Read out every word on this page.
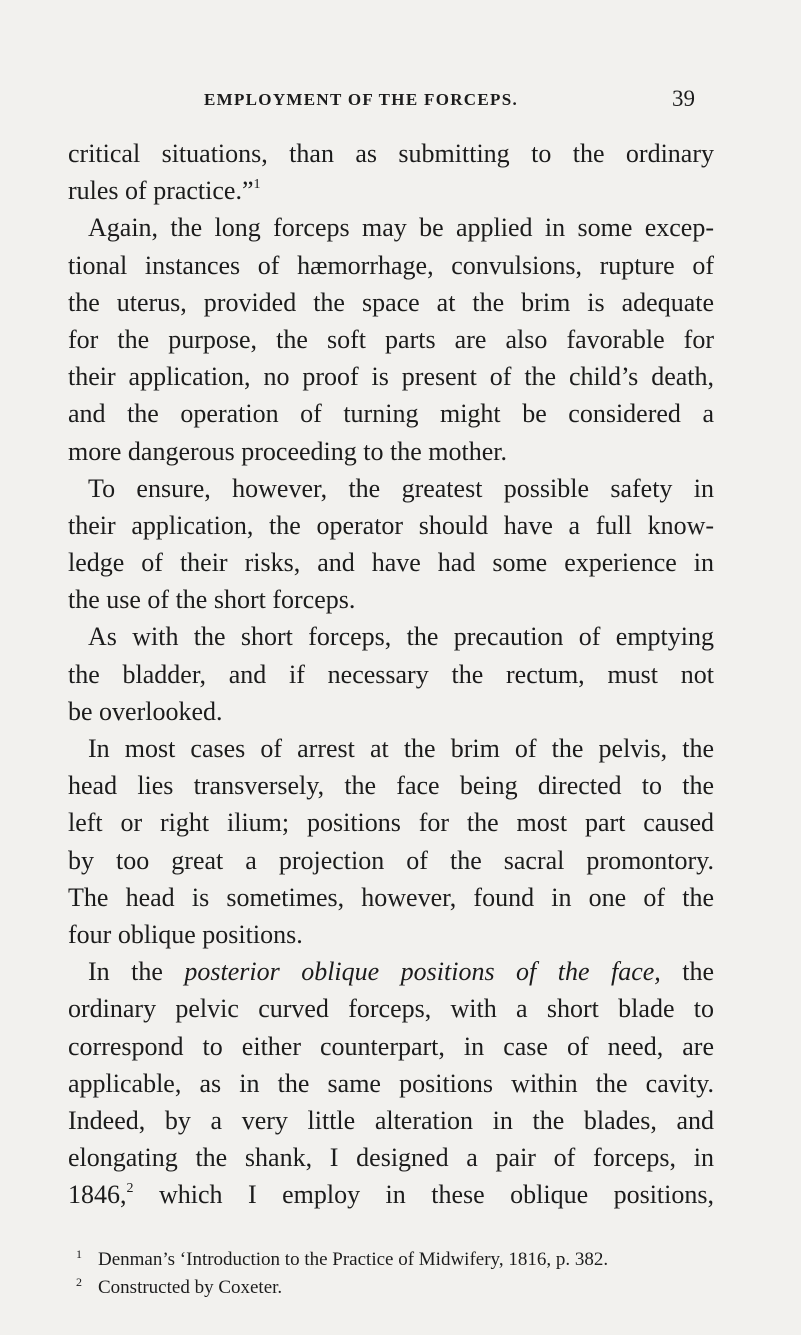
EMPLOYMENT OF THE FORCEPS.	39
critical situations, than as submitting to the ordinary
rules of practice.”$^1$
Again, the long forceps may be applied in some excep-
tional instances of hæmorrhage, convulsions, rupture of
the uterus, provided the space at the brim is adequate
for the purpose, the soft parts are also favorable for
their application, no proof is present of the child’s death,
and the operation of turning might be considered a
more dangerous proceeding to the mother.
To ensure, however, the greatest possible safety in
their application, the operator should have a full know-
ledge of their risks, and have had some experience in
the use of the short forceps.
As with the short forceps, the precaution of emptying
the bladder, and if necessary the rectum, must not
be overlooked.
In most cases of arrest at the brim of the pelvis, the
head lies transversely, the face being directed to the
left or right ilium; positions for the most part caused
by too great a projection of the sacral promontory.
The head is sometimes, however, found in one of the
four oblique positions.
In the posterior oblique positions of the face, the
ordinary pelvic curved forceps, with a short blade to
correspond to either counterpart, in case of need, are
applicable, as in the same positions within the cavity.
Indeed, by a very little alteration in the blades, and
elongating the shank, I designed a pair of forceps, in
1846,$^2$ which I employ in these oblique positions,
1 Denman’s ‘Introduction to the Practice of Midwifery, 1816, p. 382.
2 Constructed by Coxeter.
